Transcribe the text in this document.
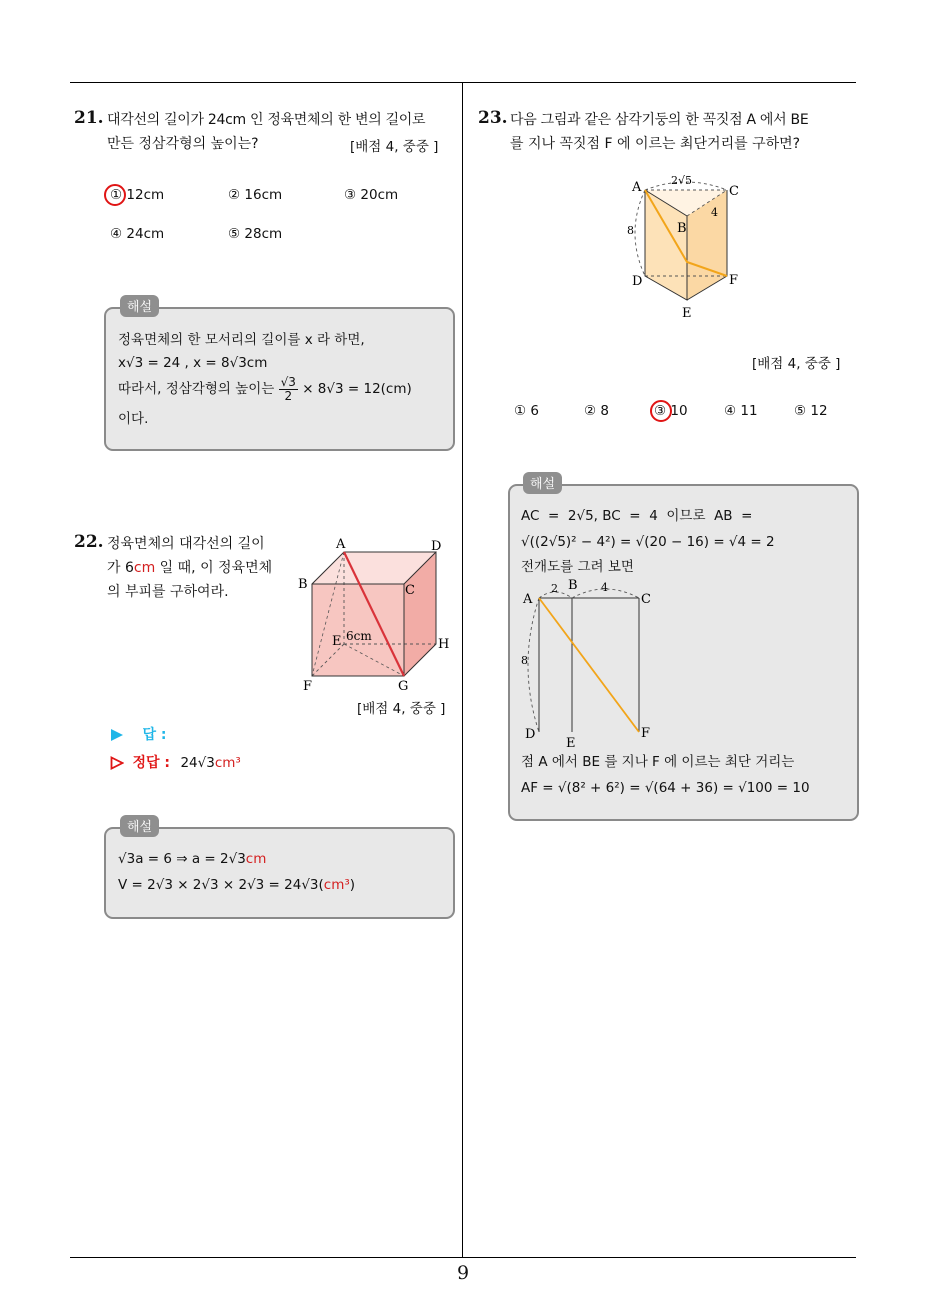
9
21. 대각선의 길이가 24cm 인 정육면체의 한 변의 길이로
만든 정삼각형의 높이는?	[배점 4, 중중 ]
① 12cm	② 16cm	③ 20cm
④ 24cm	⑤ 28cm
해설
정육면체의 한 모서리의 길이를 x 라 하면,
x√3 = 24 , x = 8√3cm
따라서, 정삼각형의 높이는 $\frac{√3}{2} \times 8√3 = 12(cm)$
이다.
22. 정육면체의 대각선의 길이
가 6cm 일 때, 이 정육면체
의 부피를 구하여라.
A	D
B	C
E	H
F	G
6cm
[배점 4, 중중 ]
답 :
정답 : 24√3cm³
해설
√3a = 6 ⇒ a = 2√3cm
V = 2√3 × 2√3 × 2√3 = 24√3(cm³)
23. 다음 그림과 같은 삼각기둥의 한 꼭짓점 A 에서 BE
를 지나 꼭짓점 F 에 이르는 최단거리를 구하면?
A	C
B
D	F
E
2√5
4
8
[배점 4, 중중 ]
① 6	② 8	③ 10	④ 11	⑤ 12
해설
AC  =  2√5, BC  =  4  이므로  AB  =
√((2√5)² − 4²) = √(20 − 16) = √4 = 2
전개도를 그려 보면
A
B
C
D
E
F
2	4
8
점 A 에서 BE 를 지나 F 에 이르는 최단 거리는
AF = √(8² + 6²) = √(64 + 36) = √100 = 10
